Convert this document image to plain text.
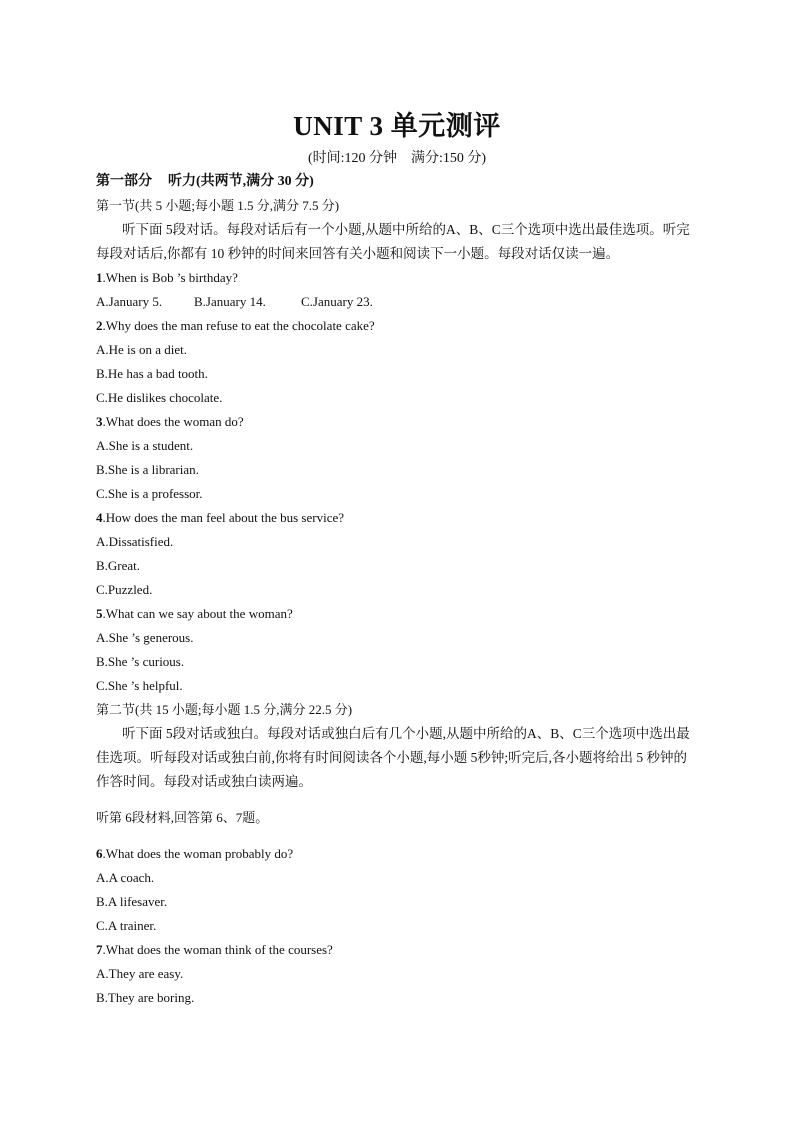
UNIT 3 单元测评
(时间:120 分钟　满分:150 分)
第一部分 听力(共两节,满分 30 分)
第一节(共 5 小题;每小题 1.5 分,满分 7.5 分)
听下面 5段对话。每段对话后有一个小题,从题中所给的A、B、C三个选项中选出最佳选项。听完每段对话后,你都有 10 秒钟的时间来回答有关小题和阅读下一小题。每段对话仅读一遍。
1.When is Bob ’s birthday?
A.January 5. B.January 14.	C.January 23.
2.Why does the man refuse to eat the chocolate cake?
A.He is on a diet.
B.He has a bad tooth.
C.He dislikes chocolate.
3.What does the woman do?
A.She is a student.
B.She is a librarian.
C.She is a professor.
4.How does the man feel about the bus service?
A.Dissatisfied.
B.Great.
C.Puzzled.
5.What can we say about the woman?
A.She ’s generous.
B.She ’s curious.
C.She ’s helpful.
第二节(共 15 小题;每小题 1.5 分,满分 22.5 分)
听下面 5段对话或独白。每段对话或独白后有几个小题,从题中所给的A、B、C三个选项中选出最佳选项。听每段对话或独白前,你将有时间阅读各个小题,每小题 5秒钟;听完后,各小题将给出 5 秒钟的作答时间。每段对话或独白读两遍。
听第 6段材料,回答第 6、7题。
6.What does the woman probably do?
A.A coach.
B.A lifesaver.
C.A trainer.
7.What does the woman think of the courses?
A.They are easy.
B.They are boring.
